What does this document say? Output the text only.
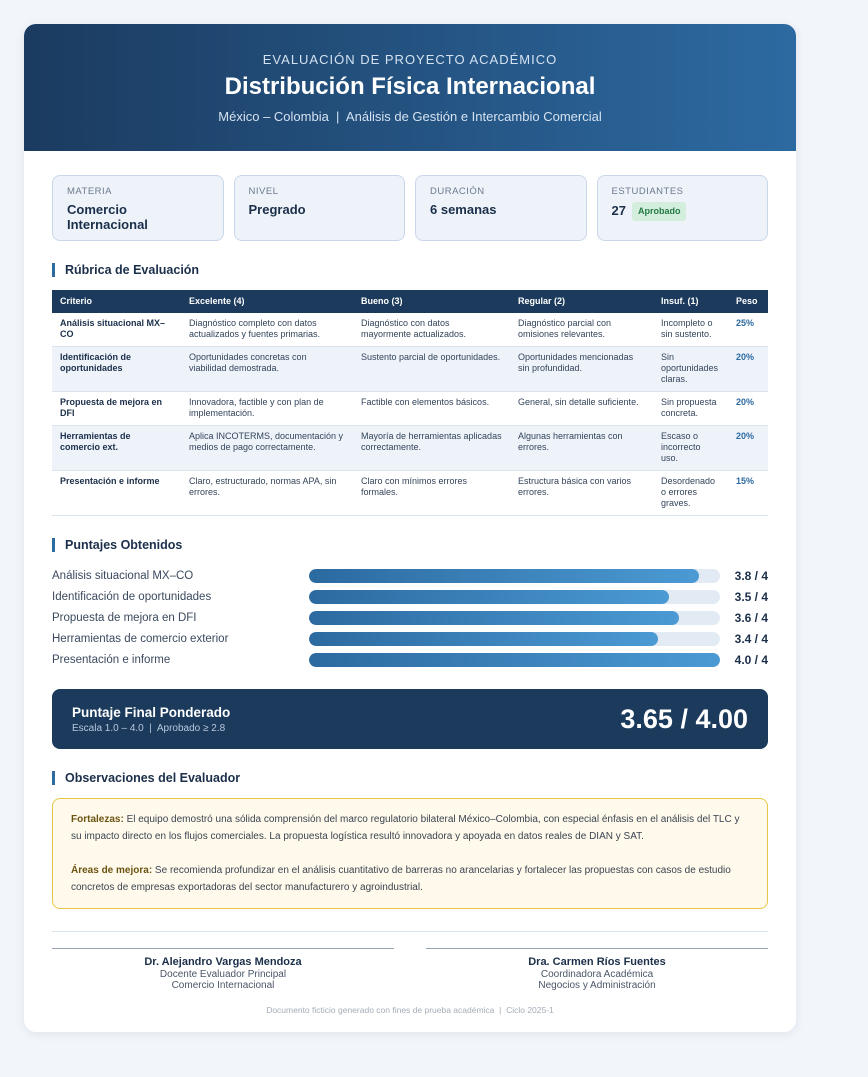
EVALUACIÓN DE PROYECTO ACADÉMICO
Distribución Física Internacional
México – Colombia  |  Análisis de Gestión e Intercambio Comercial
MATERIA
Comercio Internacional
NIVEL
Pregrado
DURACIÓN
6 semanas
ESTUDIANTES
27 Aprobado
Rúbrica de Evaluación
Criterio	Excelente (4)	Bueno (3)	Regular (2)	Insuf. (1)	Peso
Análisis situacional MX–CO	Diagnóstico completo con datos actualizados y fuentes primarias.	Diagnóstico con datos mayormente actualizados.	Diagnóstico parcial con omisiones relevantes.	Incompleto o sin sustento.	25%
Identificación de oportunidades	Oportunidades concretas con viabilidad demostrada.	Sustento parcial de oportunidades.	Oportunidades mencionadas sin profundidad.	Sin oportunidades claras.	20%
Propuesta de mejora en DFI	Innovadora, factible y con plan de implementación.	Factible con elementos básicos.	General, sin detalle suficiente.	Sin propuesta concreta.	20%
Herramientas de comercio ext.	Aplica INCOTERMS, documentación y medios de pago correctamente.	Mayoría de herramientas aplicadas correctamente.	Algunas herramientas con errores.	Escaso o incorrecto uso.	20%
Presentación e informe	Claro, estructurado, normas APA, sin errores.	Claro con mínimos errores formales.	Estructura básica con varios errores.	Desordenado o errores graves.	15%
Puntajes Obtenidos
Análisis situacional MX–CO	3.8 / 4
Identificación de oportunidades	3.5 / 4
Propuesta de mejora en DFI	3.6 / 4
Herramientas de comercio exterior	3.4 / 4
Presentación e informe	4.0 / 4
Puntaje Final Ponderado
Escala 1.0 – 4.0  |  Aprobado ≥ 2.8	3.65 / 4.00
Observaciones del Evaluador

Fortalezas: El equipo demostró una sólida comprensión del marco regulatorio bilateral México–Colombia, con especial énfasis en el análisis del TLC y su impacto directo en los flujos comerciales. La propuesta logística resultó innovadora y apoyada en datos reales de DIAN y SAT.

Áreas de mejora: Se recomienda profundizar en el análisis cuantitativo de barreras no arancelarias y fortalecer las propuestas con casos de estudio concretos de empresas exportadoras del sector manufacturero y agroindustrial.

Dr. Alejandro Vargas Mendoza
Docente Evaluador Principal
Comercio Internacional
Dra. Carmen Ríos Fuentes
Coordinadora Académica
Negocios y Administración
Documento ficticio generado con fines de prueba académica  |  Ciclo 2025-1
